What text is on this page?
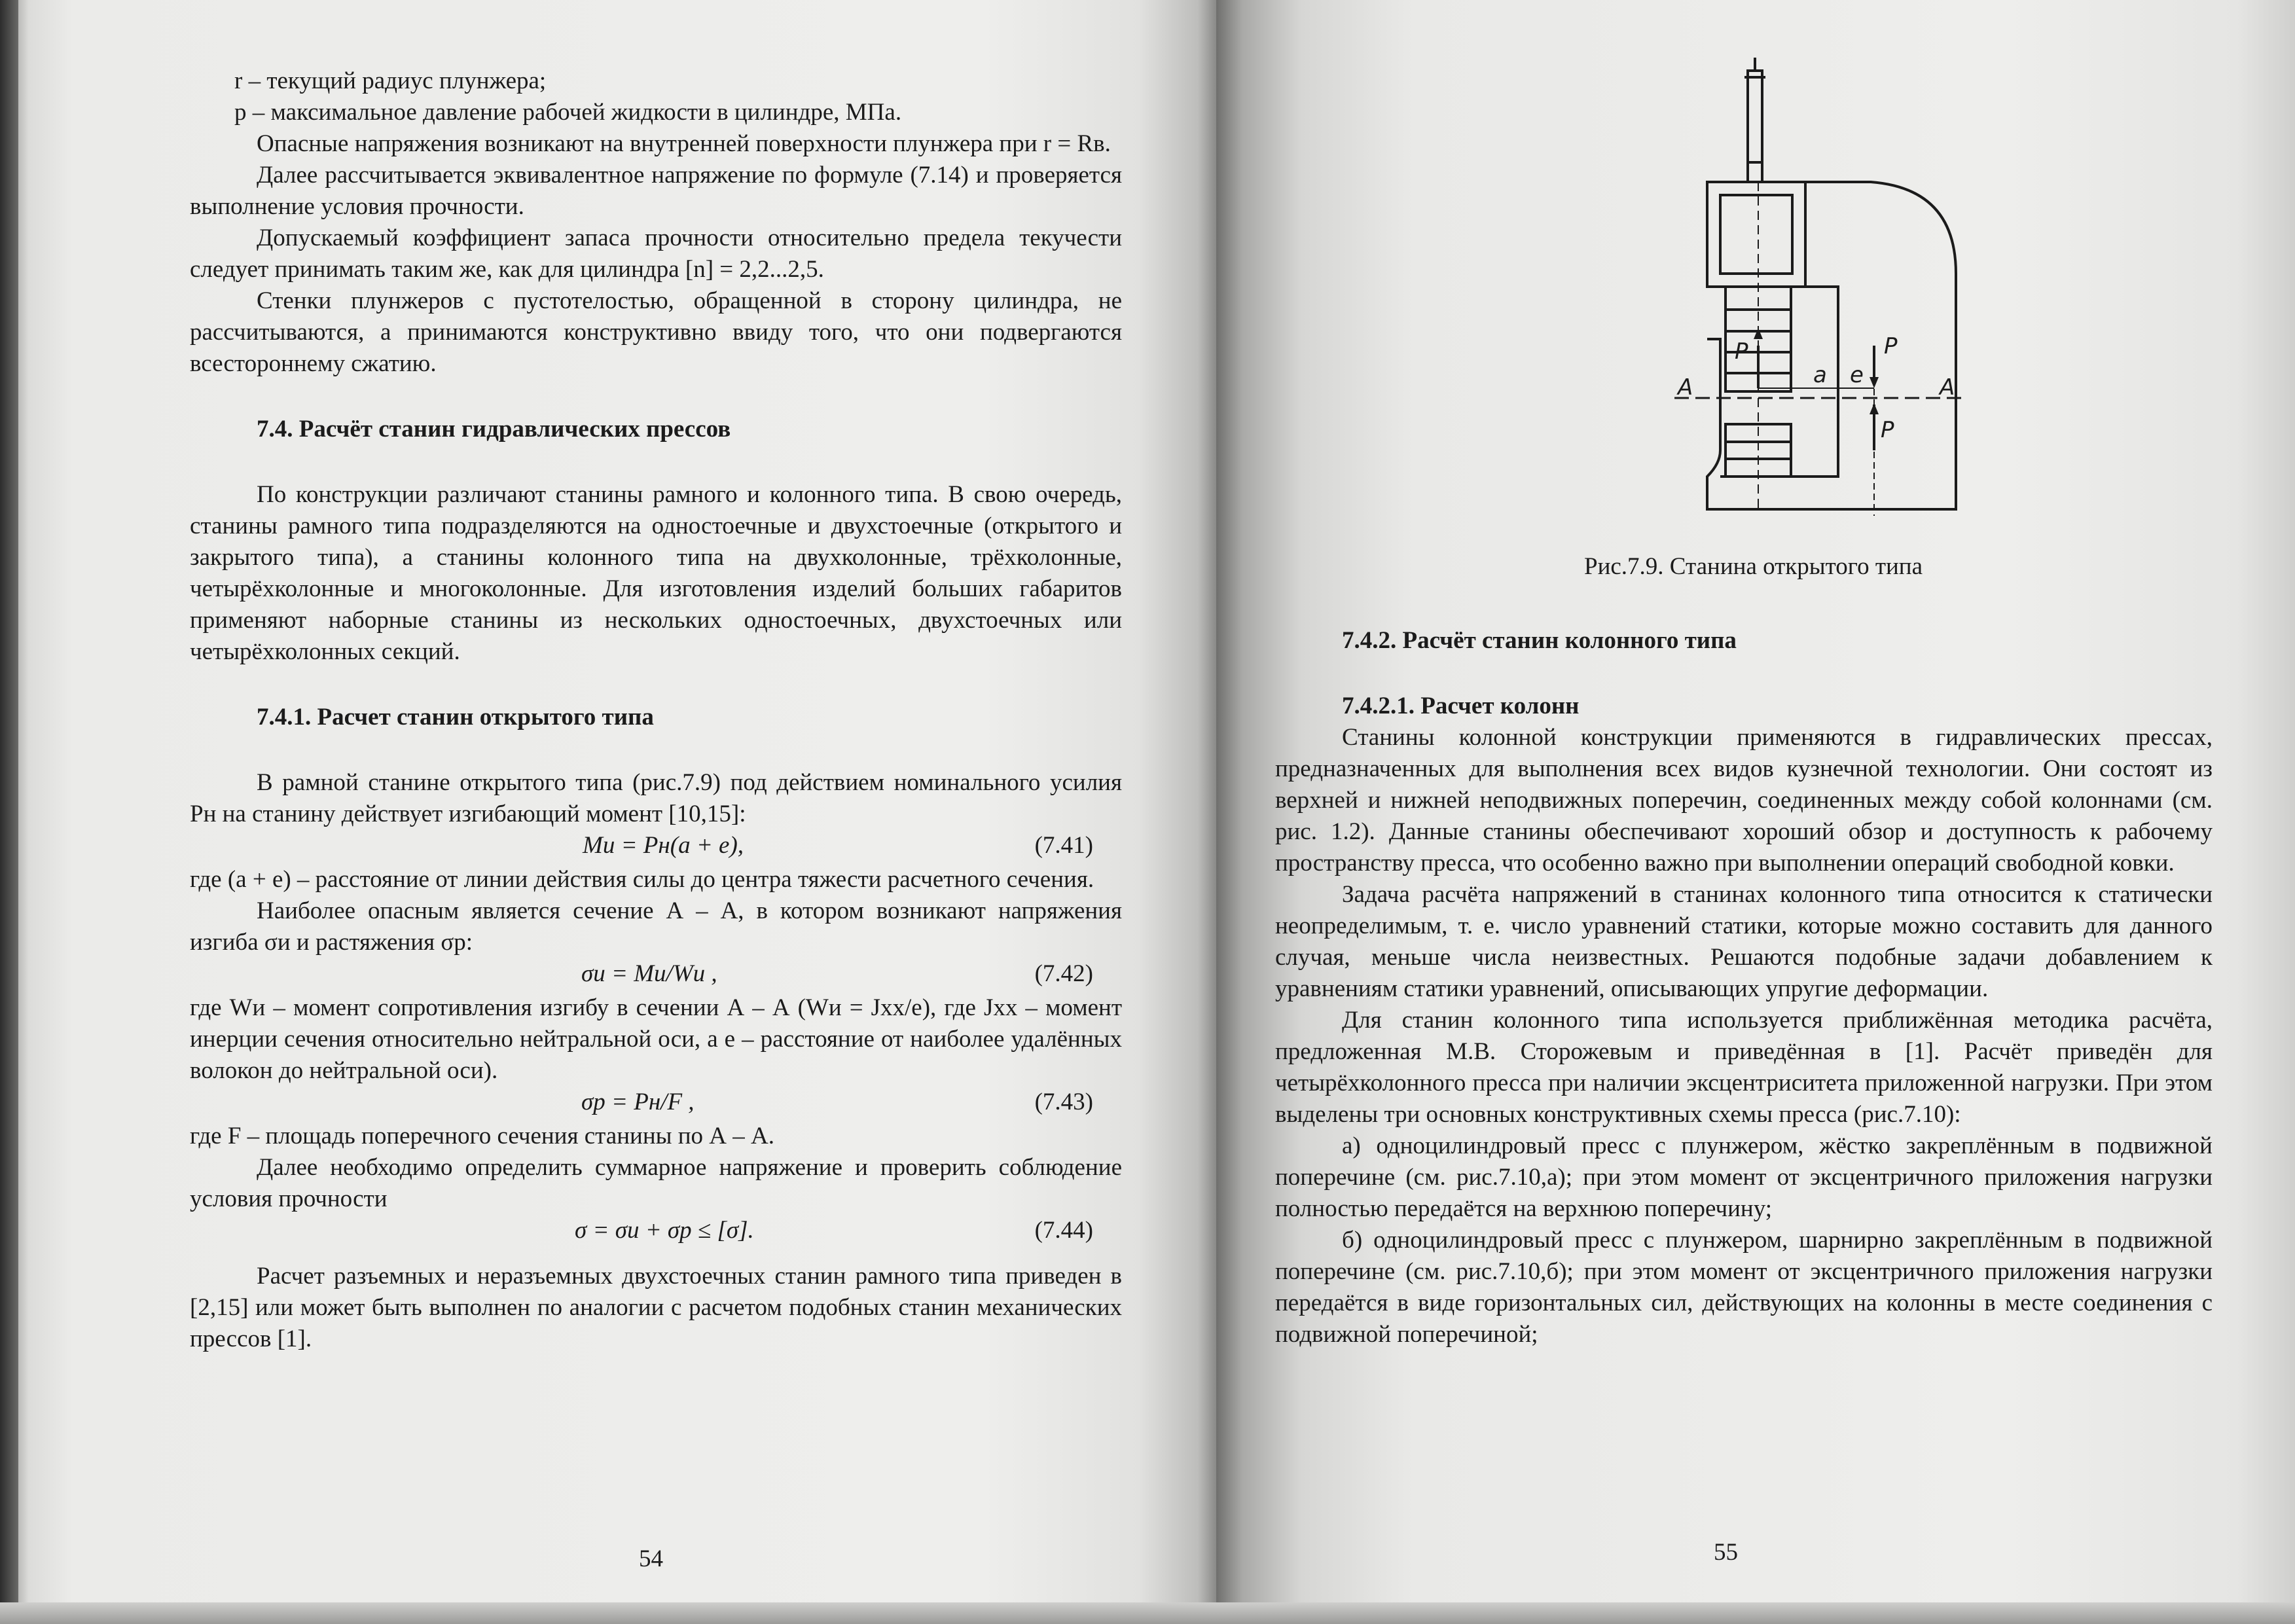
r – текущий радиус плунжера;

p – максимальное давление рабочей жидкости в цилиндре, МПа.

Опасные напряжения возникают на внутренней поверхности плунжера при r = Rв.

Далее рассчитывается эквивалентное напряжение по формуле (7.14) и проверяется выполнение условия прочности.

Допускаемый коэффициент запаса прочности относительно предела текучести следует принимать таким же, как для цилиндра [n] = 2,2...2,5.

Стенки плунжеров с пустотелостью, обращенной в сторону цилиндра, не рассчитываются, а принимаются конструктивно ввиду того, что они подвергаются всестороннему сжатию.

7.4. Расчёт станин гидравлических прессов

По конструкции различают станины рамного и колонного типа. В свою очередь, станины рамного типа подразделяются на одностоечные и двухстоечные (открытого и закрытого типа), а станины колонного типа на двухколонные, трёхколонные, четырёхколонные и многоколонные. Для изготовления изделий больших габаритов применяют наборные станины из нескольких одностоечных, двухстоечных или четырёхколонных секций.

7.4.1. Расчет станин открытого типа

В рамной станине открытого типа (рис.7.9) под действием номинального усилия Pн на станину действует изгибающий момент [10,15]:

Mи = Pн(a + e),	(7.41)

где (a + e) – расстояние от линии действия силы до центра тяжести расчетного сечения.

Наиболее опасным является сечение А – А, в котором возникают напряжения изгиба σи и растяжения σр:

σи = Mи/Wи ,	(7.42)

где Wи – момент сопротивления изгибу в сечении А – А (Wи = Jxx/e), где Jxx – момент инерции сечения относительно нейтральной оси, а e – расстояние от наиболее удалённых волокон до нейтральной оси).

σр = Pн/F ,	(7.43)

где F – площадь поперечного сечения станины по А – А.

Далее необходимо определить суммарное напряжение и проверить соблюдение условия прочности

σ = σи + σр ≤ [σ].	(7.44)

Расчет разъемных и неразъемных двухстоечных станин рамного типа приведен в [2,15] или может быть выполнен по аналогии с расчетом подобных станин механических прессов [1].

54
А	А
a e
P	P
P
Рис.7.9. Станина открытого типа

7.4.2. Расчёт станин колонного типа

7.4.2.1. Расчет колонн

Станины колонной конструкции применяются в гидравлических прессах, предназначенных для выполнения всех видов кузнечной технологии. Они состоят из верхней и нижней неподвижных поперечин, соединенных между собой колоннами (см. рис. 1.2). Данные станины обеспечивают хороший обзор и доступность к рабочему пространству пресса, что особенно важно при выполнении операций свободной ковки.

Задача расчёта напряжений в станинах колонного типа относится к статически неопределимым, т. е. число уравнений статики, которые можно составить для данного случая, меньше числа неизвестных. Решаются подобные задачи добавлением к уравнениям статики уравнений, описывающих упругие деформации.

Для станин колонного типа используется приближённая методика расчёта, предложенная М.В. Сторожевым и приведённая в [1]. Расчёт приведён для четырёхколонного пресса при наличии эксцентриситета приложенной нагрузки. При этом выделены три основных конструктивных схемы пресса (рис.7.10):

а) одноцилиндровый пресс с плунжером, жёстко закреплённым в подвижной поперечине (см. рис.7.10,а); при этом момент от эксцентричного приложения нагрузки полностью передаётся на верхнюю поперечину;

б) одноцилиндровый пресс с плунжером, шарнирно закреплённым в подвижной поперечине (см. рис.7.10,б); при этом момент от эксцентричного приложения нагрузки передаётся в виде горизонтальных сил, действующих на колонны в месте соединения с подвижной поперечиной;

55
